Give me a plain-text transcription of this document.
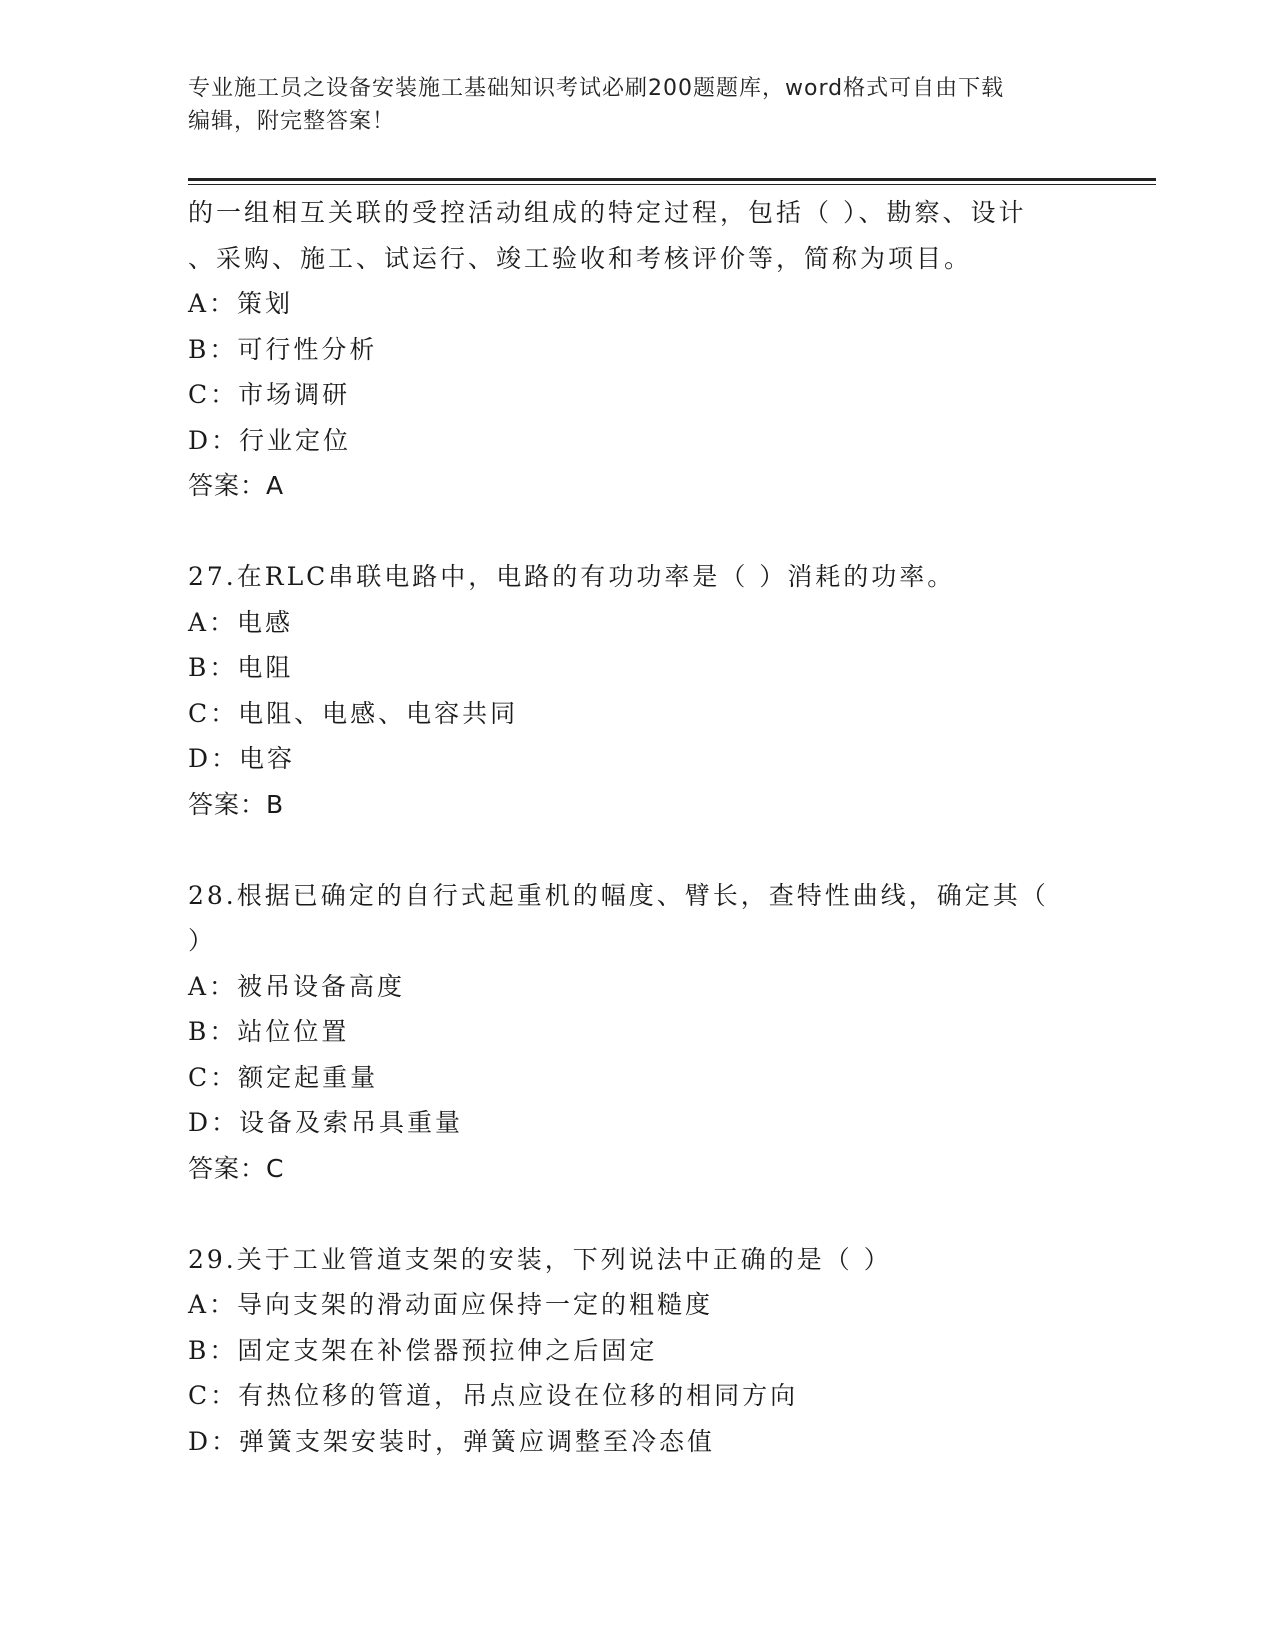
专业施工员之设备安装施工基础知识考试必刷200题题库，word格式可自由下载
编辑，附完整答案！
的一组相互关联的受控活动组成的特定过程，包括（ ）、勘察、设计
、采购、施工、试运行、竣工验收和考核评价等，简称为项目。
A：策划
B：可行性分析
C：市场调研
D：行业定位
答案：A
27.在RLC串联电路中，电路的有功功率是（ ）消耗的功率。
A：电感
B：电阻
C：电阻、电感、电容共同
D：电容
答案：B
28.根据已确定的自行式起重机的幅度、臂长，查特性曲线，确定其（
）
A：被吊设备高度
B：站位位置
C：额定起重量
D：设备及索吊具重量
答案：C
29.关于工业管道支架的安装，下列说法中正确的是（ ）
A：导向支架的滑动面应保持一定的粗糙度
B：固定支架在补偿器预拉伸之后固定
C：有热位移的管道，吊点应设在位移的相同方向
D：弹簧支架安装时，弹簧应调整至冷态值
